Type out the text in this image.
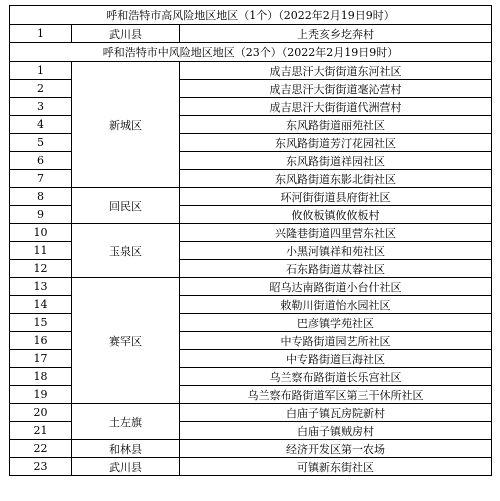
呼和浩特市高风险地区地区（1个）（2022年2月19日9时）		
1	武川县	上秃亥乡圪奔村
呼和浩特市中风险地区地区（23个）（2022年2月19日9时）		
1	新城区	成吉思汗大街街道东河社区
2		成吉思汗大街街道毫沁营村
3		成吉思汗大街街道代洲营村
4		东风路街道丽苑社区
5		东风路街道芳汀花园社区
6		东风路街道祥园社区
7		东风路街道东影北街社区
8	回民区	环河街街道县府街社区
9		攸攸板镇攸攸板村
10	玉泉区	兴隆巷街道四里营东社区
11		小黑河镇祥和苑社区
12		石东路街道苁蓉社区
13	赛罕区	昭乌达南路街道小台什社区
14		敕勒川街道怡水园社区
15		巴彦镇学苑社区
16		中专路街道园艺所社区
17		中专路街道巨海社区
18		乌兰察布路街道长乐宫社区
19		乌兰察布路街道军区第三干休所社区
20	土左旗	白庙子镇瓦房院新村
21		白庙子镇贼房村
22	和林县	经济开发区第一农场
23	武川县	可镇新东街社区
